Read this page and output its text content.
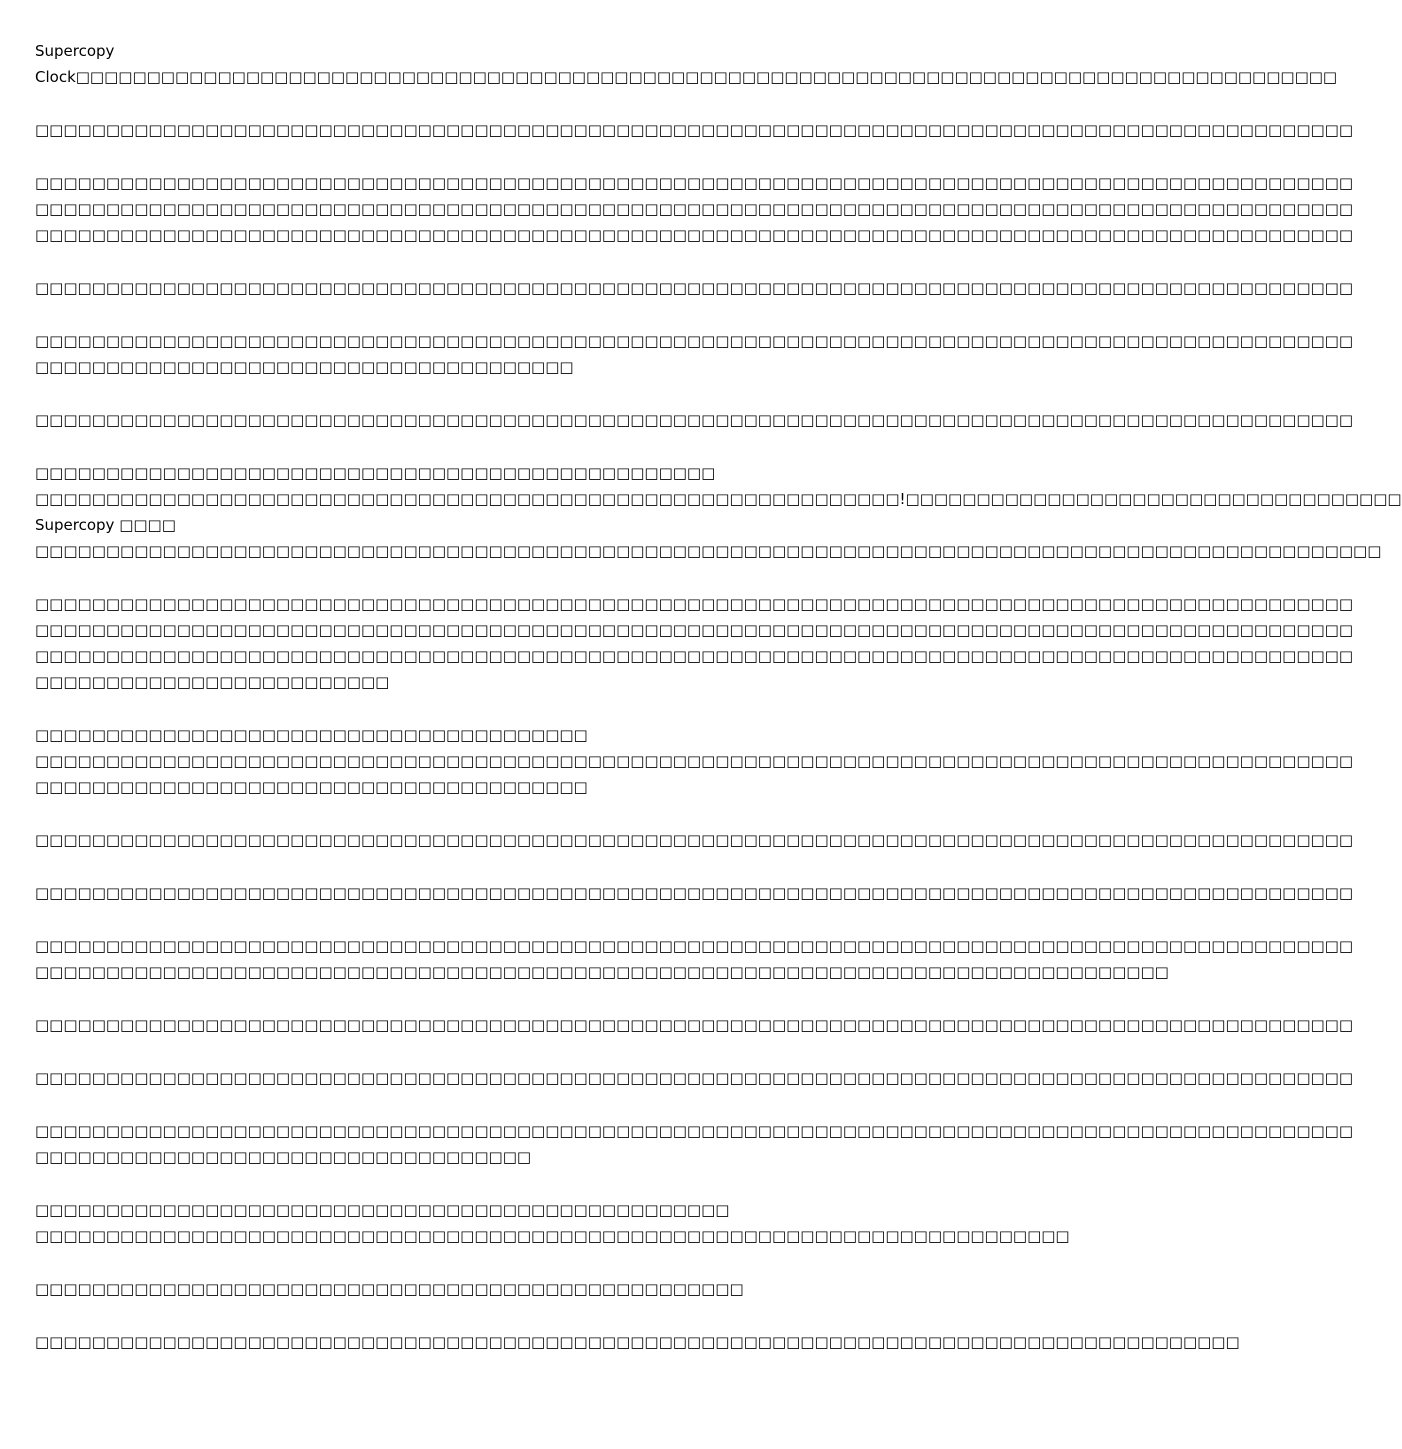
Supercopy
Clock□□□□□□□□□□□□□□□□□□□□□□□□□□□□□□□□□□□□□□□□□□□□□□□□□□□□□□□□□□□□□□□□□□□□□□□□□□□□□□□□□□□□□□□□□

□□□□□□□□□□□□□□□□□□□□□□□□□□□□□□□□□□□□□□□□□□□□□□□□□□□□□□□□□□□□□□□□□□□□□□□□□□□□□□□□□□□□□□□□□□□□□

□□□□□□□□□□□□□□□□□□□□□□□□□□□□□□□□□□□□□□□□□□□□□□□□□□□□□□□□□□□□□□□□□□□□□□□□□□□□□□□□□□□□□□□□□□□□□
□□□□□□□□□□□□□□□□□□□□□□□□□□□□□□□□□□□□□□□□□□□□□□□□□□□□□□□□□□□□□□□□□□□□□□□□□□□□□□□□□□□□□□□□□□□□□
□□□□□□□□□□□□□□□□□□□□□□□□□□□□□□□□□□□□□□□□□□□□□□□□□□□□□□□□□□□□□□□□□□□□□□□□□□□□□□□□□□□□□□□□□□□□□

□□□□□□□□□□□□□□□□□□□□□□□□□□□□□□□□□□□□□□□□□□□□□□□□□□□□□□□□□□□□□□□□□□□□□□□□□□□□□□□□□□□□□□□□□□□□□

□□□□□□□□□□□□□□□□□□□□□□□□□□□□□□□□□□□□□□□□□□□□□□□□□□□□□□□□□□□□□□□□□□□□□□□□□□□□□□□□□□□□□□□□□□□□□
□□□□□□□□□□□□□□□□□□□□□□□□□□□□□□□□□□□□□□

□□□□□□□□□□□□□□□□□□□□□□□□□□□□□□□□□□□□□□□□□□□□□□□□□□□□□□□□□□□□□□□□□□□□□□□□□□□□□□□□□□□□□□□□□□□□□

□□□□□□□□□□□□□□□□□□□□□□□□□□□□□□□□□□□□□□□□□□□□□□□□
□□□□□□□□□□□□□□□□□□□□□□□□□□□□□□□□□□□□□□□□□□□□□□□□□□□□□□□□□□□□□!□□□□□□□□□□□□□□□□□□□□□□□□□□□□□□□□□□□
Supercopy □□□□
□□□□□□□□□□□□□□□□□□□□□□□□□□□□□□□□□□□□□□□□□□□□□□□□□□□□□□□□□□□□□□□□□□□□□□□□□□□□□□□□□□□□□□□□□□□□□□□

□□□□□□□□□□□□□□□□□□□□□□□□□□□□□□□□□□□□□□□□□□□□□□□□□□□□□□□□□□□□□□□□□□□□□□□□□□□□□□□□□□□□□□□□□□□□□
□□□□□□□□□□□□□□□□□□□□□□□□□□□□□□□□□□□□□□□□□□□□□□□□□□□□□□□□□□□□□□□□□□□□□□□□□□□□□□□□□□□□□□□□□□□□□
□□□□□□□□□□□□□□□□□□□□□□□□□□□□□□□□□□□□□□□□□□□□□□□□□□□□□□□□□□□□□□□□□□□□□□□□□□□□□□□□□□□□□□□□□□□□□
□□□□□□□□□□□□□□□□□□□□□□□□□

□□□□□□□□□□□□□□□□□□□□□□□□□□□□□□□□□□□□□□□
□□□□□□□□□□□□□□□□□□□□□□□□□□□□□□□□□□□□□□□□□□□□□□□□□□□□□□□□□□□□□□□□□□□□□□□□□□□□□□□□□□□□□□□□□□□□□
□□□□□□□□□□□□□□□□□□□□□□□□□□□□□□□□□□□□□□□

□□□□□□□□□□□□□□□□□□□□□□□□□□□□□□□□□□□□□□□□□□□□□□□□□□□□□□□□□□□□□□□□□□□□□□□□□□□□□□□□□□□□□□□□□□□□□

□□□□□□□□□□□□□□□□□□□□□□□□□□□□□□□□□□□□□□□□□□□□□□□□□□□□□□□□□□□□□□□□□□□□□□□□□□□□□□□□□□□□□□□□□□□□□

□□□□□□□□□□□□□□□□□□□□□□□□□□□□□□□□□□□□□□□□□□□□□□□□□□□□□□□□□□□□□□□□□□□□□□□□□□□□□□□□□□□□□□□□□□□□□
□□□□□□□□□□□□□□□□□□□□□□□□□□□□□□□□□□□□□□□□□□□□□□□□□□□□□□□□□□□□□□□□□□□□□□□□□□□□□□□□

□□□□□□□□□□□□□□□□□□□□□□□□□□□□□□□□□□□□□□□□□□□□□□□□□□□□□□□□□□□□□□□□□□□□□□□□□□□□□□□□□□□□□□□□□□□□□

□□□□□□□□□□□□□□□□□□□□□□□□□□□□□□□□□□□□□□□□□□□□□□□□□□□□□□□□□□□□□□□□□□□□□□□□□□□□□□□□□□□□□□□□□□□□□

□□□□□□□□□□□□□□□□□□□□□□□□□□□□□□□□□□□□□□□□□□□□□□□□□□□□□□□□□□□□□□□□□□□□□□□□□□□□□□□□□□□□□□□□□□□□□
□□□□□□□□□□□□□□□□□□□□□□□□□□□□□□□□□□□

□□□□□□□□□□□□□□□□□□□□□□□□□□□□□□□□□□□□□□□□□□□□□□□□□
□□□□□□□□□□□□□□□□□□□□□□□□□□□□□□□□□□□□□□□□□□□□□□□□□□□□□□□□□□□□□□□□□□□□□□□□□

□□□□□□□□□□□□□□□□□□□□□□□□□□□□□□□□□□□□□□□□□□□□□□□□□□

□□□□□□□□□□□□□□□□□□□□□□□□□□□□□□□□□□□□□□□□□□□□□□□□□□□□□□□□□□□□□□□□□□□□□□□□□□□□□□□□□□□□□
